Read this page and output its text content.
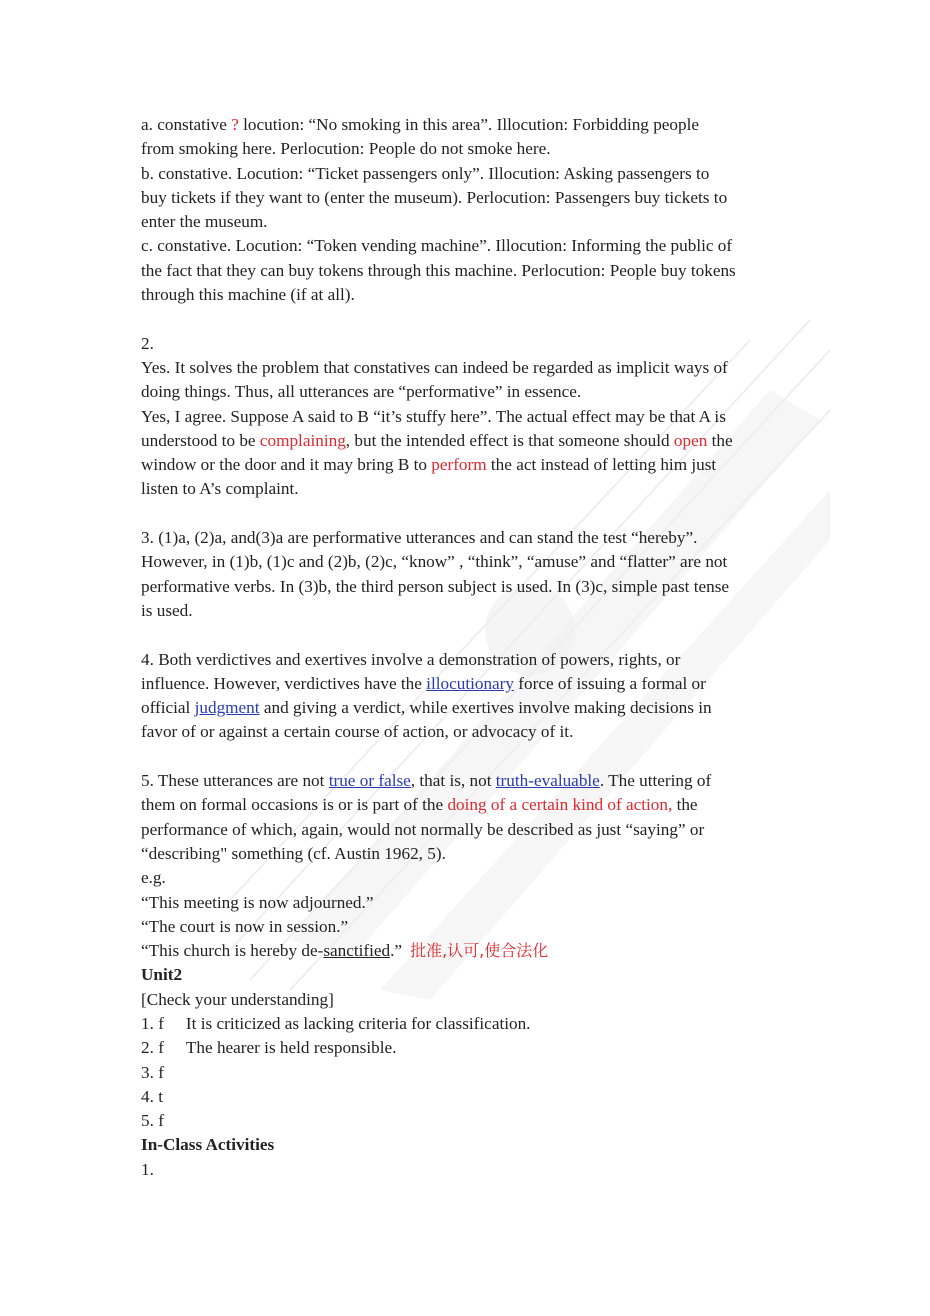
a. constative ? locution: “No smoking in this area”. Illocution: Forbidding people
from smoking here. Perlocution: People do not smoke here.
b. constative. Locution: “Ticket passengers only”. Illocution: Asking passengers to
buy tickets if they want to (enter the museum). Perlocution: Passengers buy tickets to
enter the museum.
c. constative. Locution: “Token vending machine”. Illocution: Informing the public of
the fact that they can buy tokens through this machine. Perlocution: People buy tokens
through this machine (if at all).
2.
Yes. It solves the problem that constatives can indeed be regarded as implicit ways of
doing things. Thus, all utterances are “performative” in essence.
Yes, I agree. Suppose A said to B “it’s stuffy here”. The actual effect may be that A is
understood to be complaining, but the intended effect is that someone should open the
window or the door and it may bring B to perform the act instead of letting him just
listen to A’s complaint.
3. (1)a, (2)a, and(3)a are performative utterances and can stand the test “hereby”.
However, in (1)b, (1)c and (2)b, (2)c, “know” , “think”, “amuse” and “flatter” are not
performative verbs. In (3)b, the third person subject is used. In (3)c, simple past tense
is used.
4. Both verdictives and exertives involve a demonstration of powers, rights, or
influence. However, verdictives have the illocutionary force of issuing a formal or
official judgment and giving a verdict, while exertives involve making decisions in
favor of or against a certain course of action, or advocacy of it.
5. These utterances are not true or false, that is, not truth-evaluable. The uttering of
them on formal occasions is or is part of the doing of a certain kind of action, the
performance of which, again, would not normally be described as just “saying” or
“describing" something (cf. Austin 1962, 5).
e.g.
“This meeting is now adjourned.”
“The court is now in session.”
“This church is hereby de-sanctified.” 批准,认可,使合法化
Unit2
[Check your understanding]
1. f It is criticized as lacking criteria for classification.
2. f The hearer is held responsible.
3. f
4. t
5. f
In-Class Activities
1.
